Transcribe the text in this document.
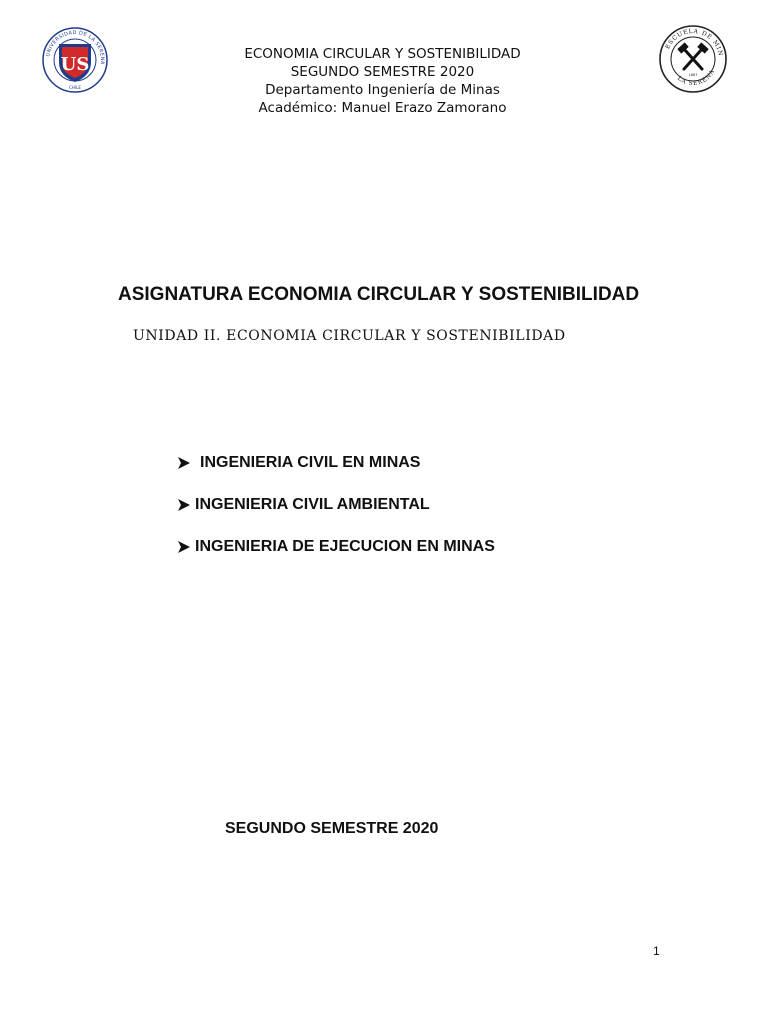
UNIVERSIDAD DE LA SERENA
CHILE
US	ECONOMIA CIRCULAR Y SOSTENIBILIDAD
SEGUNDO SEMESTRE 2020
Departamento Ingeniería de Minas
Académico: Manuel Erazo Zamorano
ESCUELA DE MIN
LA SERENA
1887
ASIGNATURA ECONOMIA CIRCULAR Y SOSTENIBILIDAD
UNIDAD II. ECONOMIA CIRCULAR Y SOSTENIBILIDAD
INGENIERIA CIVIL EN MINAS
INGENIERIA CIVIL AMBIENTAL
INGENIERIA DE EJECUCION EN MINAS
SEGUNDO SEMESTRE 2020
1
